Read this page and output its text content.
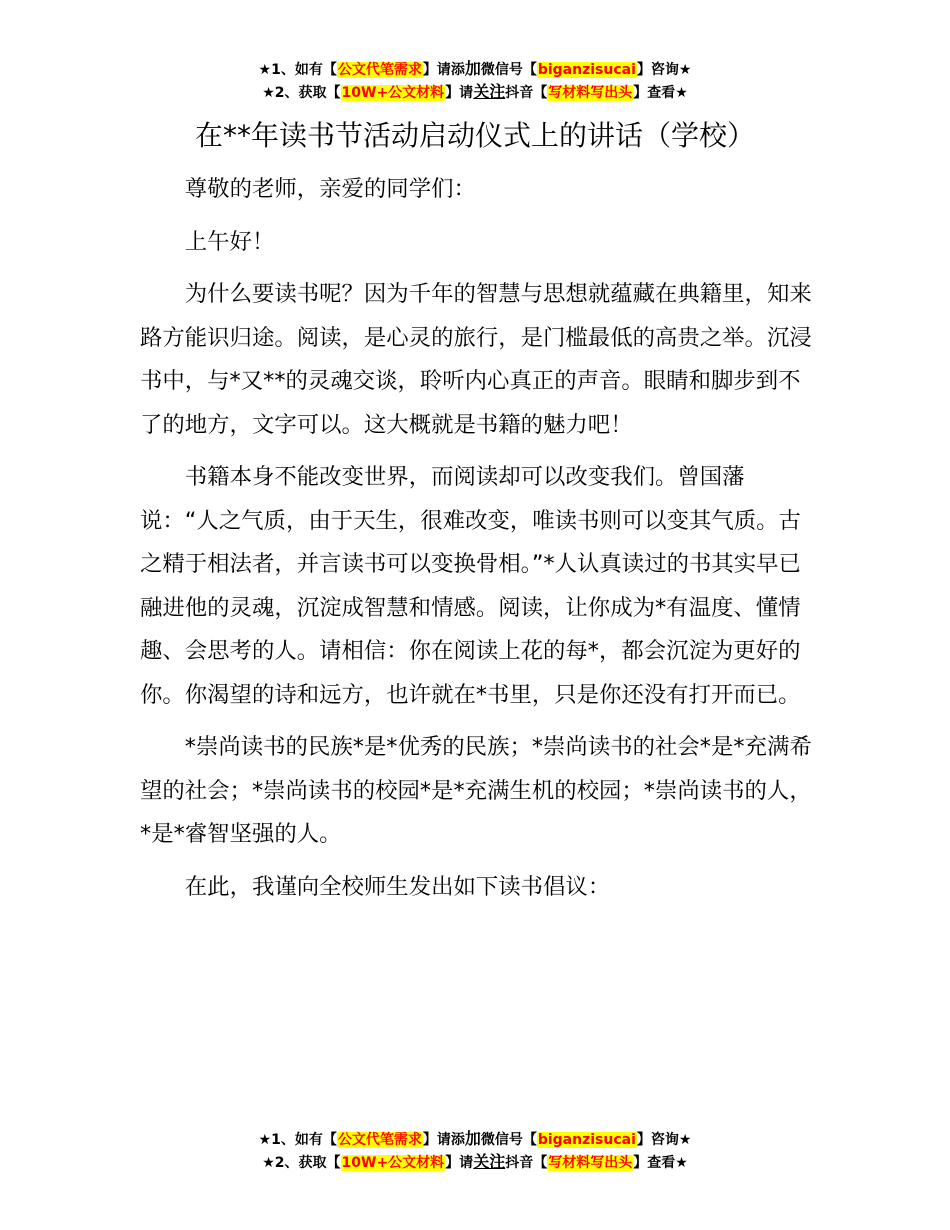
★1、如有【公文代笔需求】请添加微信号【biganzisucai】咨询★
★2、获取【10W+公文材料】请关注抖音【写材料写出头】查看★
在**年读书节活动启动仪式上的讲话（学校）

尊敬的老师，亲爱的同学们：

上午好！

为什么要读书呢？因为千年的智慧与思想就蕴藏在典籍里，知来路方能识归途。阅读，是心灵的旅行，是门槛最低的高贵之举。沉浸书中，与*又**的灵魂交谈，聆听内心真正的声音。眼睛和脚步到不了的地方，文字可以。这大概就是书籍的魅力吧！

书籍本身不能改变世界，而阅读却可以改变我们。曾国藩说：“人之气质，由于天生，很难改变，唯读书则可以变其气质。古之精于相法者，并言读书可以变换骨相。”*人认真读过的书其实早已融进他的灵魂，沉淀成智慧和情感。阅读，让你成为*有温度、懂情趣、会思考的人。请相信：你在阅读上花的每*，都会沉淀为更好的你。你渴望的诗和远方，也许就在*书里，只是你还没有打开而已。

*崇尚读书的民族*是*优秀的民族；*崇尚读书的社会*是*充满希望的社会；*崇尚读书的校园*是*充满生机的校园；*崇尚读书的人，*是*睿智坚强的人。

在此，我谨向全校师生发出如下读书倡议：

★1、如有【公文代笔需求】请添加微信号【biganzisucai】咨询★
★2、获取【10W+公文材料】请关注抖音【写材料写出头】查看★
